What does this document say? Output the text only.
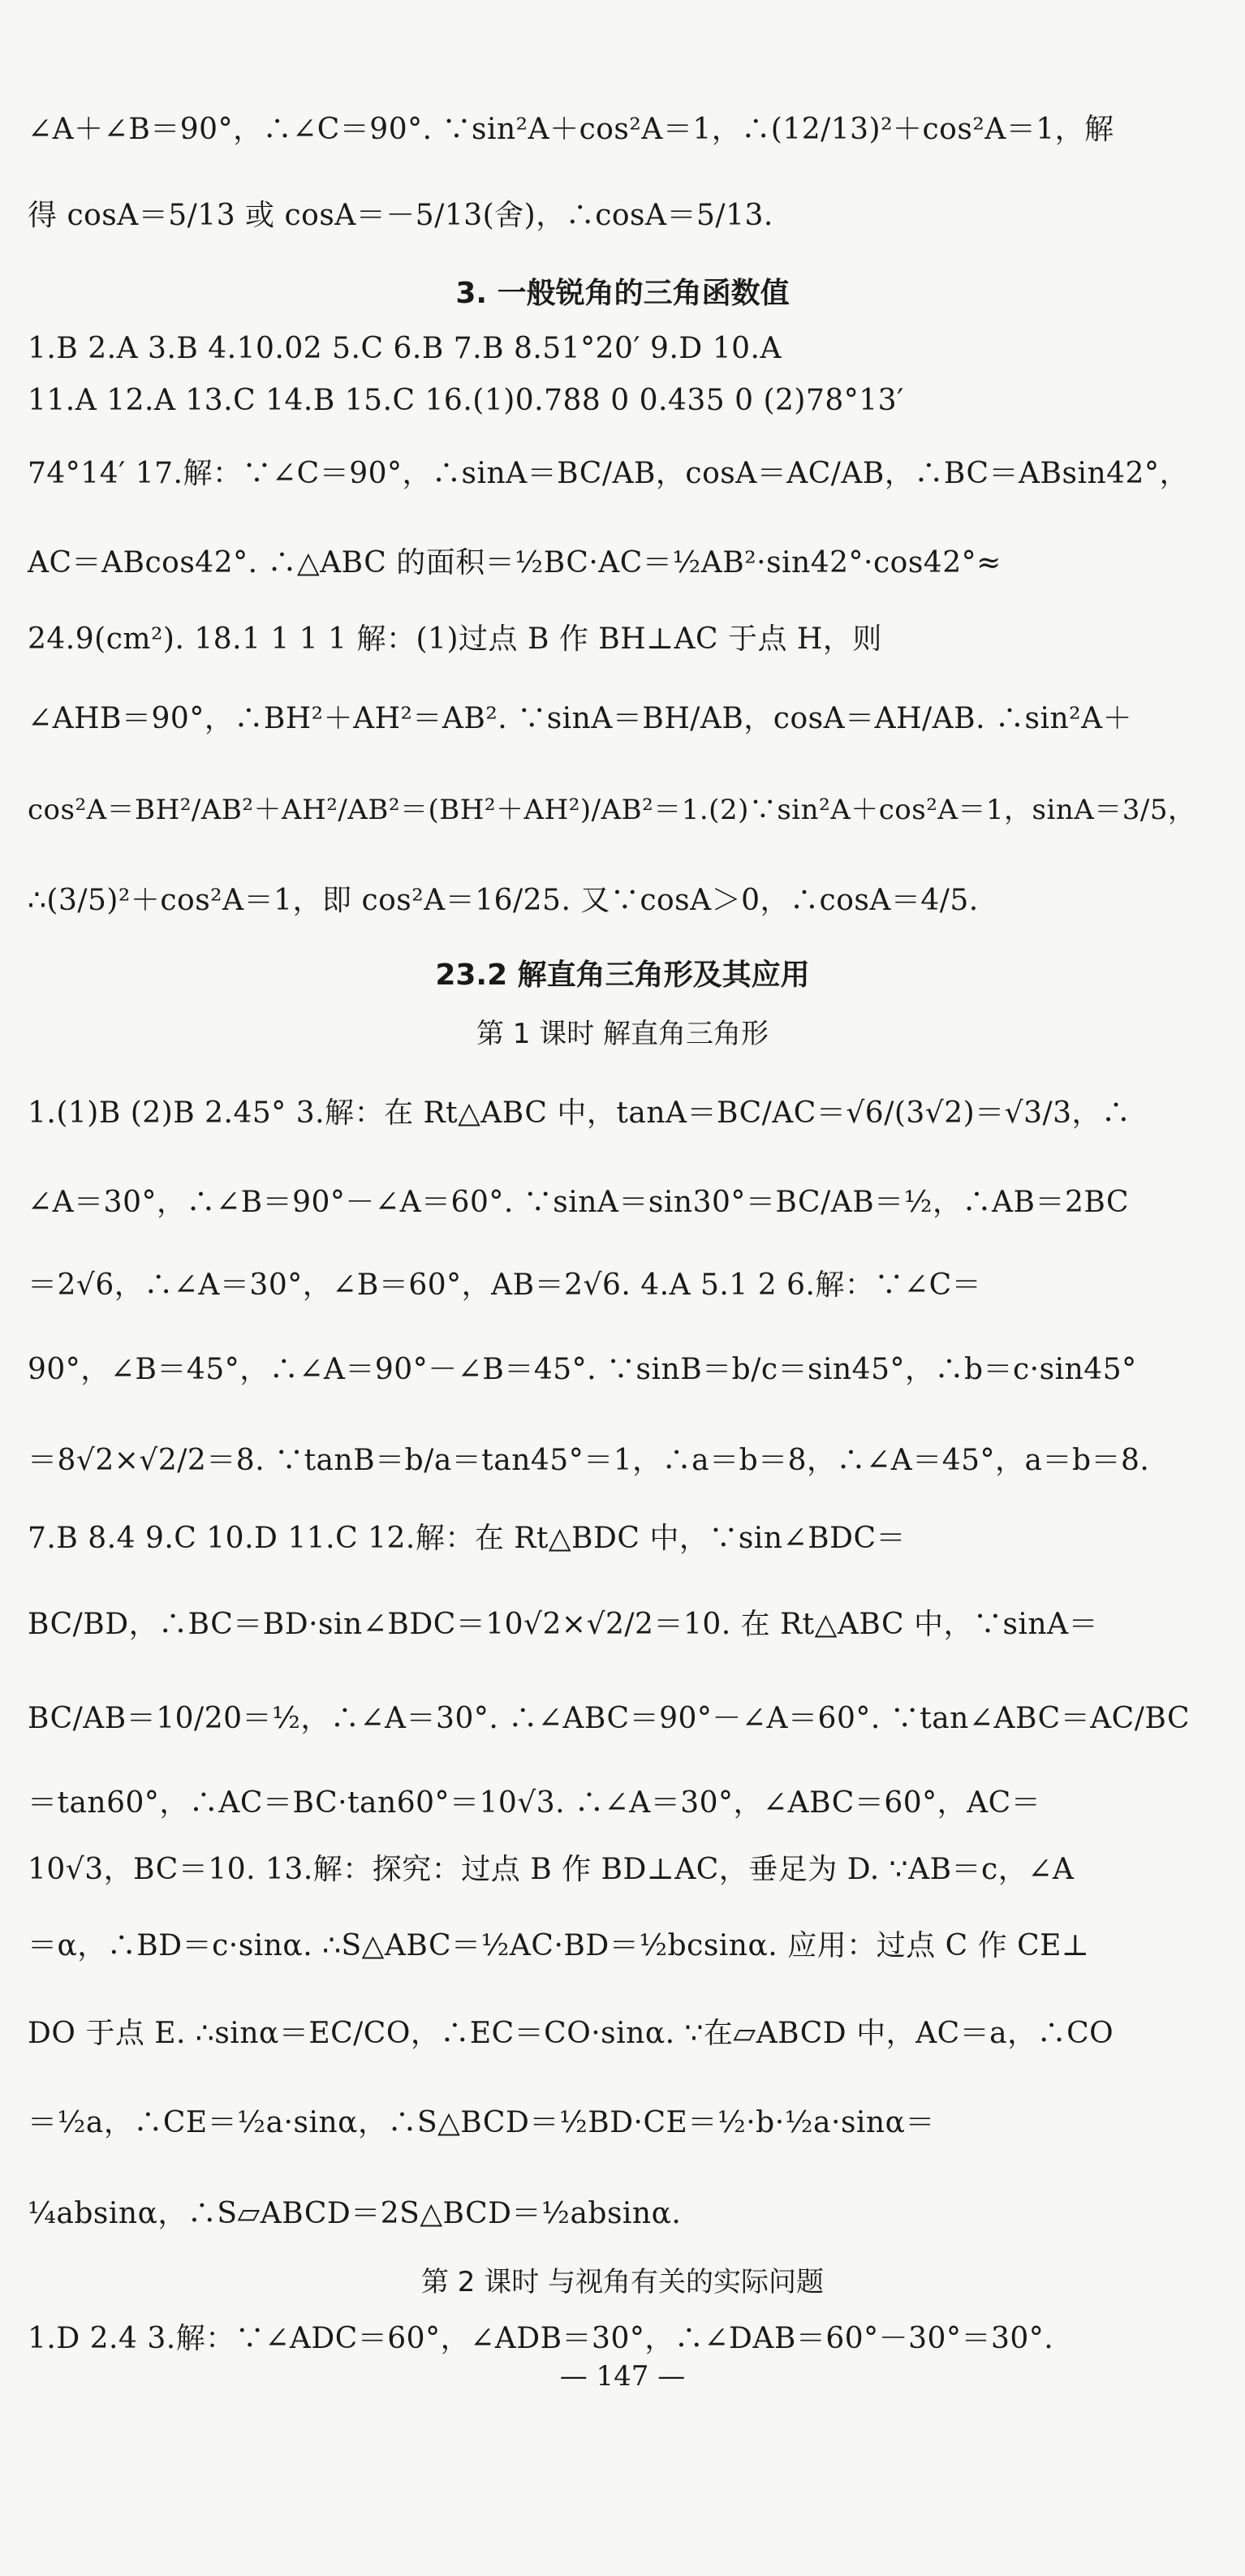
∠A＋∠B＝90°，∴∠C＝90°. ∵sin²A＋cos²A＝1，∴(12/13)²＋cos²A＝1，解
得 cosA＝5/13 或 cosA＝－5/13(舍)，∴cosA＝5/13.
3. 一般锐角的三角函数值
1.B 2.A 3.B 4.10.02 5.C 6.B 7.B 8.51°20′ 9.D 10.A
11.A 12.A 13.C 14.B 15.C 16.(1)0.788 0 0.435 0 (2)78°13′
74°14′ 17.解：∵∠C＝90°，∴sinA＝BC/AB，cosA＝AC/AB，∴BC＝ABsin42°，
AC＝ABcos42°. ∴△ABC 的面积＝½BC·AC＝½AB²·sin42°·cos42°≈
24.9(cm²). 18.1 1 1 1 解：(1)过点 B 作 BH⊥AC 于点 H，则
∠AHB＝90°，∴BH²＋AH²＝AB². ∵sinA＝BH/AB，cosA＝AH/AB. ∴sin²A＋
cos²A＝BH²/AB²＋AH²/AB²＝(BH²＋AH²)/AB²＝1.(2)∵sin²A＋cos²A＝1，sinA＝3/5，
∴(3/5)²＋cos²A＝1，即 cos²A＝16/25. 又∵cosA＞0，∴cosA＝4/5.
23.2 解直角三角形及其应用
第 1 课时 解直角三角形
1.(1)B (2)B 2.45° 3.解：在 Rt△ABC 中，tanA＝BC/AC＝√6/(3√2)＝√3/3，∴
∠A＝30°，∴∠B＝90°－∠A＝60°. ∵sinA＝sin30°＝BC/AB＝½，∴AB＝2BC
＝2√6，∴∠A＝30°，∠B＝60°，AB＝2√6. 4.A 5.1 2 6.解：∵∠C＝
90°，∠B＝45°，∴∠A＝90°－∠B＝45°. ∵sinB＝b/c＝sin45°，∴b＝c·sin45°
＝8√2×√2/2＝8. ∵tanB＝b/a＝tan45°＝1，∴a＝b＝8，∴∠A＝45°，a＝b＝8.
7.B 8.4 9.C 10.D 11.C 12.解：在 Rt△BDC 中，∵sin∠BDC＝
BC/BD，∴BC＝BD·sin∠BDC＝10√2×√2/2＝10. 在 Rt△ABC 中，∵sinA＝
BC/AB＝10/20＝½，∴∠A＝30°. ∴∠ABC＝90°－∠A＝60°. ∵tan∠ABC＝AC/BC
＝tan60°，∴AC＝BC·tan60°＝10√3. ∴∠A＝30°，∠ABC＝60°，AC＝
10√3，BC＝10. 13.解：探究：过点 B 作 BD⊥AC，垂足为 D. ∵AB＝c，∠A
＝α，∴BD＝c·sinα. ∴S△ABC＝½AC·BD＝½bcsinα. 应用：过点 C 作 CE⊥
DO 于点 E. ∴sinα＝EC/CO，∴EC＝CO·sinα. ∵在▱ABCD 中，AC＝a，∴CO
＝½a，∴CE＝½a·sinα，∴S△BCD＝½BD·CE＝½·b·½a·sinα＝
¼absinα，∴S▱ABCD＝2S△BCD＝½absinα.
第 2 课时 与视角有关的实际问题
1.D 2.4 3.解：∵∠ADC＝60°，∠ADB＝30°，∴∠DAB＝60°－30°＝30°.
— 147 —
